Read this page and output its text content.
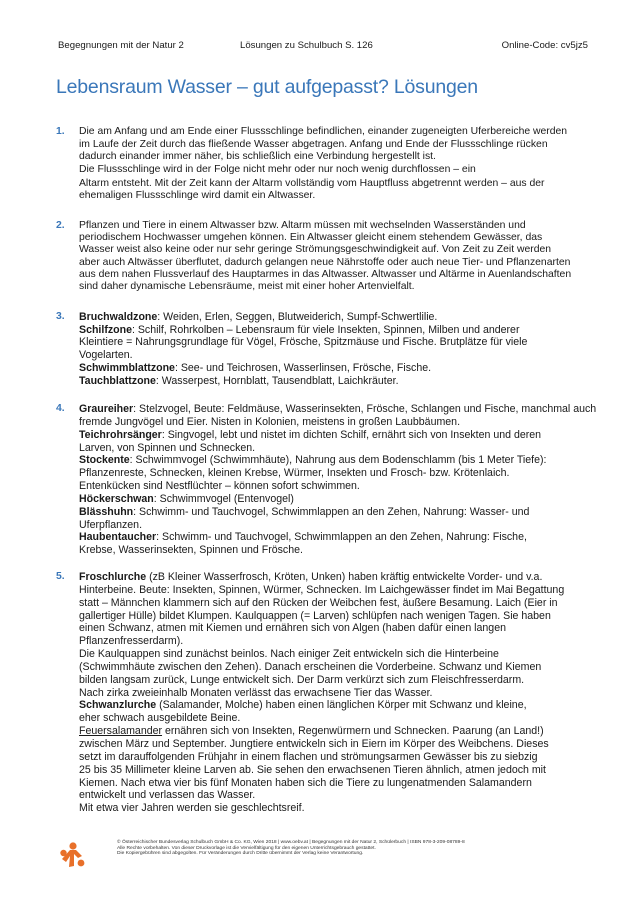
Begegnungen mit der Natur 2	Lösungen zu Schulbuch S. 126	Online-Code: cv5jz5
Lebensraum Wasser – gut aufgepasst? Lösungen
1. Die am Anfang und am Ende einer Flussschlinge befindlichen, einander zugeneigten Uferbereiche werden
im Laufe der Zeit durch das fließende Wasser abgetragen. Anfang und Ende der Flussschlinge rücken
dadurch einander immer näher, bis schließlich eine Verbindung hergestellt ist.
Die Flussschlinge wird in der Folge nicht mehr oder nur noch wenig durchflossen – ein
Altarm entsteht. Mit der Zeit kann der Altarm vollständig vom Hauptfluss abgetrennt werden – aus der
ehemaligen Flussschlinge wird damit ein Altwasser.
2. Pflanzen und Tiere in einem Altwasser bzw. Altarm müssen mit wechselnden Wasserständen und
periodischem Hochwasser umgehen können. Ein Altwasser gleicht einem stehendem Gewässer, das
Wasser weist also keine oder nur sehr geringe Strömungsgeschwindigkeit auf. Von Zeit zu Zeit werden
aber auch Altwässer überflutet, dadurch gelangen neue Nährstoffe oder auch neue Tier- und Pflanzenarten
aus dem nahen Flussverlauf des Hauptarmes in das Altwasser. Altwasser und Altärme in Auenlandschaften
sind daher dynamische Lebensräume, meist mit einer hoher Artenvielfalt.
3. Bruchwaldzone: Weiden, Erlen, Seggen, Blutweiderich, Sumpf-Schwertlilie.
Schilfzone: Schilf, Rohrkolben – Lebensraum für viele Insekten, Spinnen, Milben und anderer
Kleintiere = Nahrungsgrundlage für Vögel, Frösche, Spitzmäuse und Fische. Brutplätze für viele
Vogelarten.
Schwimmblattzone: See- und Teichrosen, Wasserlinsen, Frösche, Fische.
Tauchblattzone: Wasserpest, Hornblatt, Tausendblatt, Laichkräuter.
4. Graureiher: Stelzvogel, Beute: Feldmäuse, Wasserinsekten, Frösche, Schlangen und Fische, manchmal auch
fremde Jungvögel und Eier. Nisten in Kolonien, meistens in großen Laubbäumen.
Teichrohrsänger: Singvogel, lebt und nistet im dichten Schilf, ernährt sich von Insekten und deren
Larven, von Spinnen und Schnecken.
Stockente: Schwimmvogel (Schwimmhäute), Nahrung aus dem Bodenschlamm (bis 1 Meter Tiefe):
Pflanzenreste, Schnecken, kleinen Krebse, Würmer, Insekten und Frosch- bzw. Krötenlaich.
Entenkücken sind Nestflüchter – können sofort schwimmen.
Höckerschwan: Schwimmvogel (Entenvogel)
Blässhuhn: Schwimm- und Tauchvogel, Schwimmlappen an den Zehen, Nahrung: Wasser- und
Uferpflanzen.
Haubentaucher: Schwimm- und Tauchvogel, Schwimmlappen an den Zehen, Nahrung: Fische,
Krebse, Wasserinsekten, Spinnen und Frösche.
5. Froschlurche (zB Kleiner Wasserfrosch, Kröten, Unken) haben kräftig entwickelte Vorder- und v.a.
Hinterbeine. Beute: Insekten, Spinnen, Würmer, Schnecken. Im Laichgewässer findet im Mai Begattung
statt – Männchen klammern sich auf den Rücken der Weibchen fest, äußere Besamung. Laich (Eier in
gallertiger Hülle) bildet Klumpen. Kaulquappen (= Larven) schlüpfen nach wenigen Tagen. Sie haben
einen Schwanz, atmen mit Kiemen und ernähren sich von Algen (haben dafür einen langen
Pflanzenfresserdarm).
Die Kaulquappen sind zunächst beinlos. Nach einiger Zeit entwickeln sich die Hinterbeine
(Schwimmhäute zwischen den Zehen). Danach erscheinen die Vorderbeine. Schwanz und Kiemen
bilden langsam zurück, Lunge entwickelt sich. Der Darm verkürzt sich zum Fleischfresserdarm.
Nach zirka zweieinhalb Monaten verlässt das erwachsene Tier das Wasser.
Schwanzlurche (Salamander, Molche) haben einen länglichen Körper mit Schwanz und kleine,
eher schwach ausgebildete Beine.
Feuersalamander ernähren sich von Insekten, Regenwürmern und Schnecken. Paarung (an Land!)
zwischen März und September. Jungtiere entwickeln sich in Eiern im Körper des Weibchens. Dieses
setzt im darauffolgenden Frühjahr in einem flachen und strömungsarmen Gewässer bis zu siebzig
25 bis 35 Millimeter kleine Larven ab. Sie sehen den erwachsenen Tieren ähnlich, atmen jedoch mit
Kiemen. Nach etwa vier bis fünf Monaten haben sich die Tiere zu lungenatmenden Salamandern
entwickelt und verlassen das Wasser.
Mit etwa vier Jahren werden sie geschlechtsreif.
© Österreichischer Bundesverlag Schulbuch GmbH & Co. KG, Wien 2018 | www.oebv.at | Begegnungen mit der Natur 2, Schülerbuch | ISBN 978-3-209-08789-8
Alle Rechte vorbehalten. Von dieser Druckvorlage ist die Vervielfältigung für den eigenen Unterrichtsgebrauch gestattet.
Die Kopiergebühren sind abgegolten. Für Veränderungen durch Dritte übernimmt der Verlag keine Verantwortung.
